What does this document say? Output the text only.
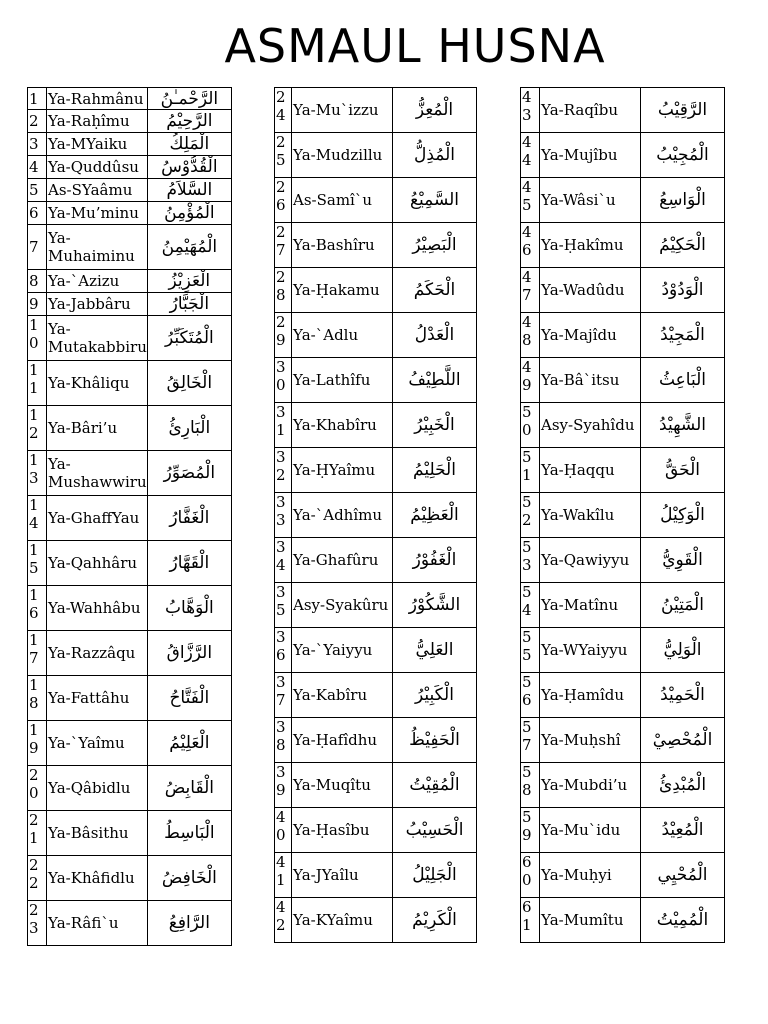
ASMAUL HUSNA
1	Ya-Rahmânu	الرَّحْمـٰنُ
2	Ya-Raḥîmu	الرَّحِيْمُ
3	Ya-MYaiku	الْمَلِكُ
4	Ya-Quddûsu	الْقُدُّوْسُ
5	As-SYaâmu	السَّلاَمُ
6	Ya-Mu’minu	الْمُؤْمِنُ
7	Ya-Muhaiminu	الْمُهَيْمِنُ
8	Ya-`Azizu	الْعَزِيْزُ
9	Ya-Jabbâru	الْجَبَّارُ
10	Ya-Mutakabbiru	الْمُتَكَبِّرُ
11	Ya-Khâliqu	الْخَالِقُ
12	Ya-Bâri’u	الْبَارِئُ
13	Ya-Mushawwiru	الْمُصَوِّرُ
14	Ya-GhaffYau	الْغَفَّارُ
15	Ya-Qahhâru	الْقَهَّارُ
16	Ya-Wahhâbu	الْوَهَّابُ
17	Ya-Razzâqu	الرَّزَّاقُ
18	Ya-Fattâhu	الْفَتَّاحُ
19	Ya-`Yaîmu	الْعَلِيْمُ
20	Ya-Qâbidlu	الْقَابِضُ
21	Ya-Bâsithu	الْبَاسِطُ
22	Ya-Khâfidlu	الْخَافِضُ
23	Ya-Râfi`u	الرَّافِعُ
24	Ya-Mu`izzu	الْمُعِزُّ
25	Ya-Mudzillu	الْمُذِلُّ
26	As-Samî`u	السَّمِيْعُ
27	Ya-Bashîru	الْبَصِيْرُ
28	Ya-Ḥakamu	الْحَكَمُ
29	Ya-`Adlu	الْعَدْلُ
30	Ya-Lathîfu	اللَّطِيْفُ
31	Ya-Khabîru	الْخَبِيْرُ
32	Ya-ḤYaîmu	الْحَلِيْمُ
33	Ya-`Adhîmu	الْعَظِيْمُ
34	Ya-Ghafûru	الْغَفُوْرُ
35	Asy-Syakûru	الشَّكُوْرُ
36	Ya-`Yaiyyu	العَلِيُّ
37	Ya-Kabîru	الْكَبِيْرُ
38	Ya-Ḥafîdhu	الْحَفِيْظُ
39	Ya-Muqîtu	الْمُقِيْتُ
40	Ya-Ḥasîbu	الْحَسِيْبُ
41	Ya-JYaîlu	الْجَلِيْلُ
42	Ya-KYaîmu	الْكَرِيْمُ
43	Ya-Raqîbu	الرَّقِيْبُ
44	Ya-Mujîbu	الْمُجِيْبُ
45	Ya-Wâsi`u	الْوَاسِعُ
46	Ya-Ḥakîmu	الْحَكِيْمُ
47	Ya-Wadûdu	الْوَدُوْدُ
48	Ya-Majîdu	الْمَجِيْدُ
49	Ya-Bâ`itsu	الْبَاعِثُ
50	Asy-Syahîdu	الشَّهِيْدُ
51	Ya-Ḥaqqu	الْحَقُّ
52	Ya-Wakîlu	الْوَكِيْلُ
53	Ya-Qawiyyu	الْقَوِيُّ
54	Ya-Matînu	الْمَتِيْنُ
55	Ya-WYaiyyu	الْوَلِيُّ
56	Ya-Ḥamîdu	الْحَمِيْدُ
57	Ya-Muḥshî	الْمُحْصِيْ
58	Ya-Mubdi’u	الْمُبْدِئُ
59	Ya-Mu`idu	الْمُعِيْدُ
60	Ya-Muḥyi	الْمُحْيِي
61	Ya-Mumîtu	الْمُمِيْتُ
